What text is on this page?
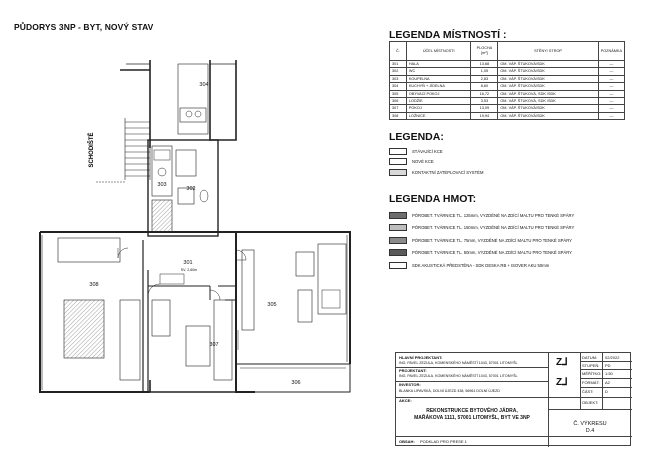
PŮDORYS 3NP - BYT, NOVÝ STAV
SCHODIŠTĚ
301
SV. 2,60m
302
303
304
305
306
307
308
LEGENDA MÍSTNOSTÍ :
Č.	ÚČEL MÍSTNOSTI	PLOCHA [m²]	STĚNY/ STROP	POZNÁMKA
301	HALA	13,68	OM. VÁP. ŠTUKOVÁ/SDK	—
302	WC	1,05	OM. VÁP. ŠTUKOVÁ/SDK	—
303	KOUPELNA	2,83	OM. VÁP. ŠTUKOVÁ/SDK	—
304	KUCHYŇ + JÍDELNA	8,60	OM. VÁP. ŠTUKOVÁ/SDK	—
305	OBÝVACÍ POKOJ	16,72	OM. VÁP. ŠTUKOVÁ, SDK /SDK	—
306	LODŽIE	3,53	OM. VÁP. ŠTUKOVÁ, SDK /SDK	—
307	POKOJ	13,09	OM. VÁP. ŠTUKOVÁ/SDK	—
308	LOŽNICE	19,94	OM. VÁP. ŠTUKOVÁ/SDK	—
LEGENDA:
STÁVAJÍCÍ KCE
NOVÉ KCE
KONTAKTNÍ ZATEPLOVACÍ SYSTÉM
LEGENDA HMOT:
PÓROBET. TVÁRNICE TL. 125mm, VYZDĚNÉ NA ZDÍCÍ MALTU PRO TENKÉ SPÁRY
PÓROBET. TVÁRNICE TL. 150mm, VYZDĚNÉ NA ZDÍCÍ MALTU PRO TENKÉ SPÁRY
PÓROBET. TVÁRNICE TL. 75mm, VYZDĚNÉ NA ZDÍCÍ MALTU PRO TENKÉ SPÁRY
PÓROBET. TVÁRNICE TL. 50mm, VYZDĚNÉ NA ZDÍCÍ MALTU PRO TENKÉ SPÁRY
SDK AKUSTICKÁ PŘEDSTĚNA - SDK DESKA RB + ISOVER AKU 50mm
HLAVNÍ PROJEKTANT:
ING. PAVEL ZEZULA, KOMENSKÉHO NÁMĚSTÍ 1043, 57001 LITOMYŠL
PROJEKTANT:
ING. PAVEL ZEZULA, KOMENSKÉHO NÁMĚSTÍ 1043, 57001 LITOMYŠL
INVESTOR:
BLANKA LIPAVSKÁ, DOLNÍ ÚJEZD 438, 56961 DOLNÍ ÚJEZD
AKCE:
REKONSTRUKCE BYTOVÉHO JÁDRA,
MAŘÁKOVA 1111, 57001 LITOMYŠL, BYT VE 3NP
OBSAH: PODKLAD PRO PRESE 1
Z⅃
Z⅃
DATUM: 02/2022
STUPEŇ: PD
MĚŘÍTKO: 1:50
FORMÁT: A2
ČÁST:	D
OBJEKT:
Č. VÝKRESU
D.4
